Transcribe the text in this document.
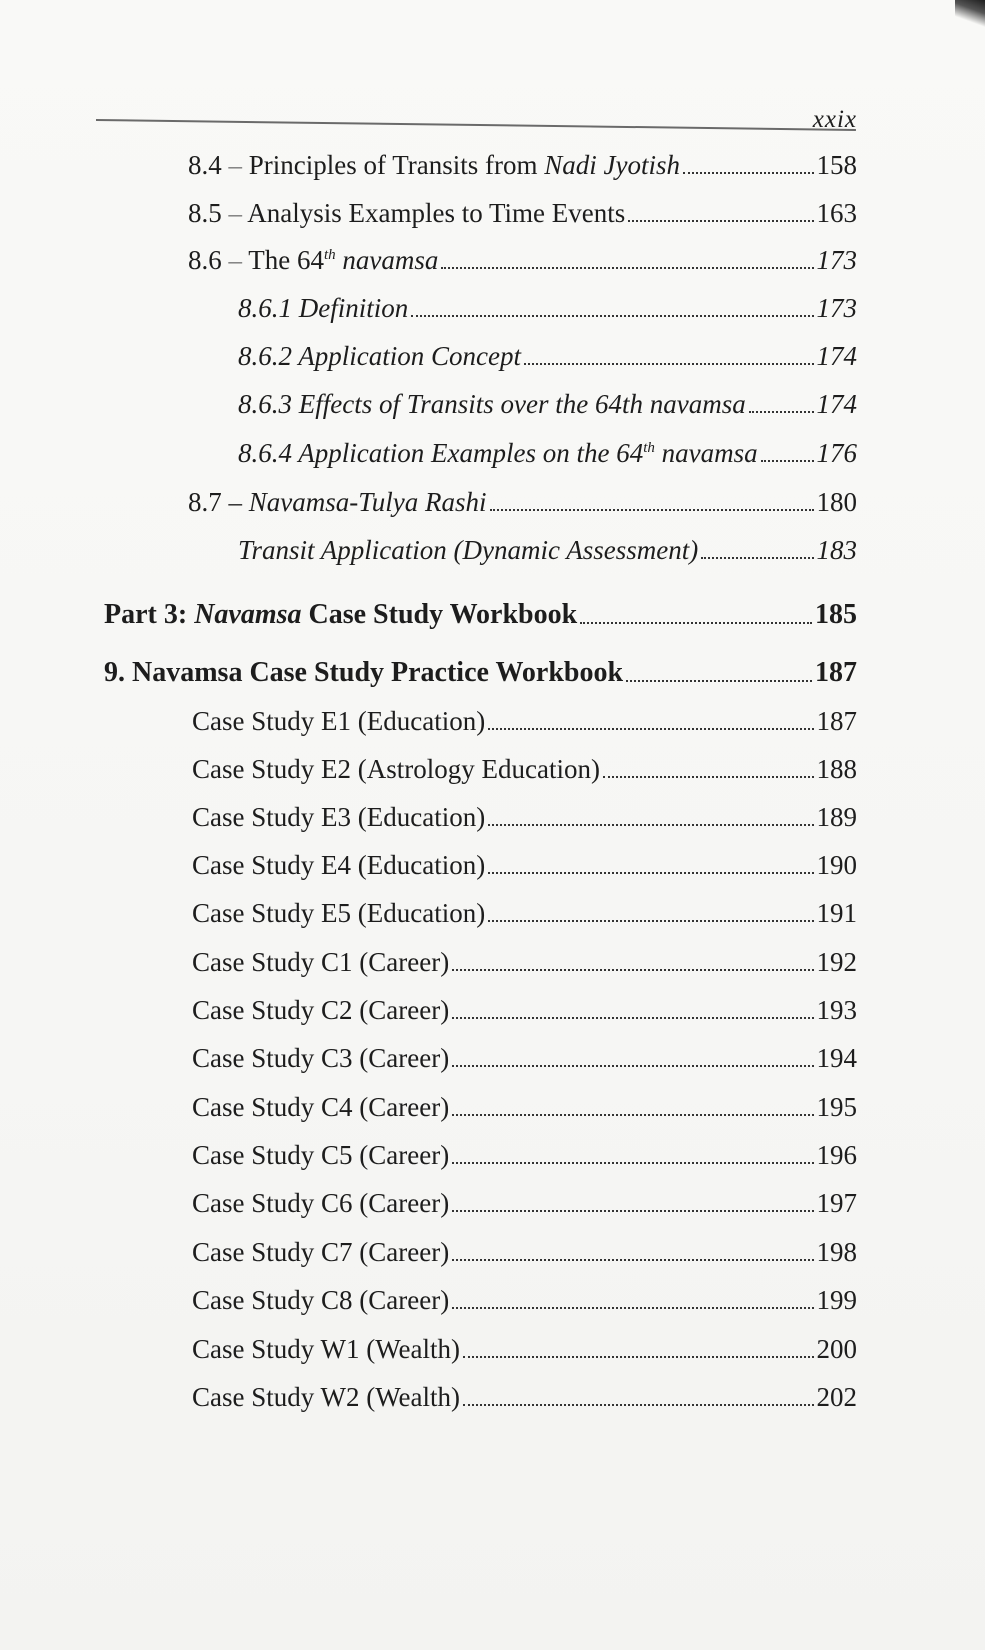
xxix
8.4 – Principles of Transits from Nadi Jyotish	158
8.5 – Analysis Examples to Time Events	163
8.6 – The 64th navamsa	173
8.6.1 Definition	173
8.6.2 Application Concept	174
8.6.3 Effects of Transits over the 64th navamsa	174
8.6.4 Application Examples on the 64th navamsa 176
8.7 – Navamsa-Tulya Rashi	180
Transit Application (Dynamic Assessment)	183
Part 3: Navamsa Case Study Workbook	185
9. Navamsa Case Study Practice Workbook	187
Case Study E1 (Education)	187
Case Study E2 (Astrology Education)	188
Case Study E3 (Education)	189
Case Study E4 (Education)	190
Case Study E5 (Education)	191
Case Study C1 (Career)	192
Case Study C2 (Career)	193
Case Study C3 (Career)	194
Case Study C4 (Career)	195
Case Study C5 (Career)	196
Case Study C6 (Career)	197
Case Study C7 (Career)	198
Case Study C8 (Career)	199
Case Study W1 (Wealth)	200
Case Study W2 (Wealth)	202
